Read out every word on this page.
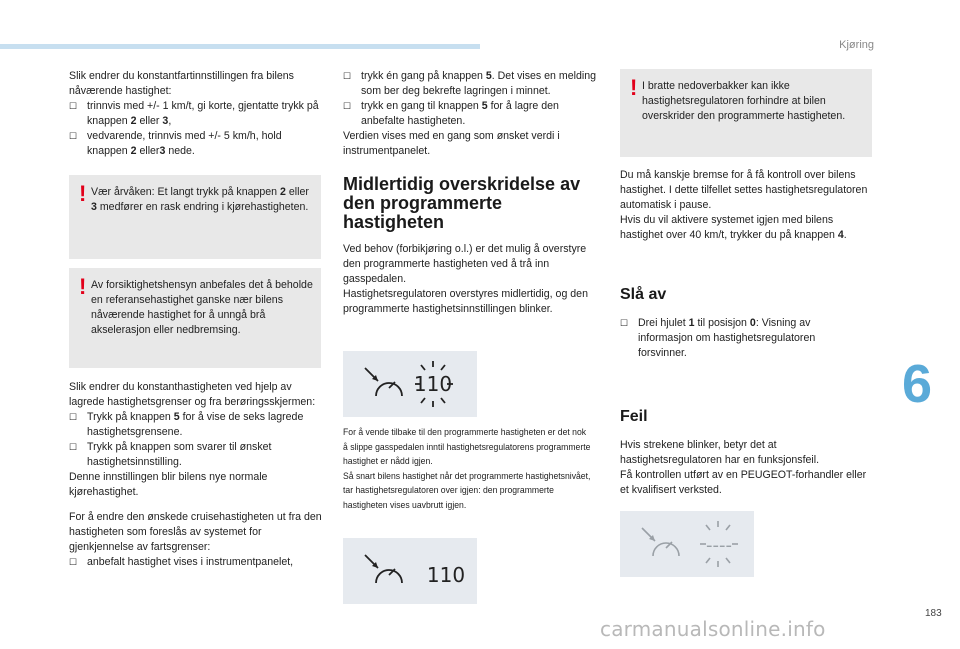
Kjøring
6
183
carmanualsonline.info

Slik endrer du konstantfartinnstillingen fra bilens nåværende hastighet:

☐ trinnvis med +/- 1 km/t, gi korte, gjentatte trykk på knappen 2 eller 3,

☐ vedvarende, trinnvis med +/- 5 km/h, hold knappen 2 eller3 nede.

! Vær årvåken: Et langt trykk på knappen 2 eller 3 medfører en rask endring i kjørehastigheten.
! Av forsiktighetshensyn anbefales det å beholde en referansehastighet ganske nær bilens nåværende hastighet for å unngå brå akselerasjon eller nedbremsing.

Slik endrer du konstanthastigheten ved hjelp av lagrede hastighetsgrenser og fra berøringsskjermen:

☐ Trykk på knappen 5 for å vise de seks lagrede hastighetsgrensene.

☐ Trykk på knappen som svarer til ønsket hastighetsinnstilling.

Denne innstillingen blir bilens nye normale kjørehastighet.

For å endre den ønskede cruisehastigheten ut fra den hastigheten som foreslås av systemet for gjenkjennelse av fartsgrenser:

☐ anbefalt hastighet vises i instrumentpanelet,

☐ trykk én gang på knappen 5. Det vises en melding som ber deg bekrefte lagringen i minnet.

☐ trykk en gang til knappen 5 for å lagre den anbefalte hastigheten.

Verdien vises med en gang som ønsket verdi i instrumentpanelet.

Midlertidig overskridelse av den programmerte hastigheten

Ved behov (forbikjøring o.l.) er det mulig å overstyre den programmerte hastigheten ved å trå inn gasspedalen.

Hastighetsregulatoren overstyres midlertidig, og den programmerte hastighetsinnstillingen blinker.

110

For å vende tilbake til den programmerte hastigheten er det nok å slippe gasspedalen inntil hastighetsregulatorens programmerte hastighet er nådd igjen.

Så snart bilens hastighet når det programmerte hastighetsnivået, tar hastighetsregulatoren over igjen: den programmerte hastigheten vises uavbrutt igjen.

110
! I bratte nedoverbakker kan ikke hastighetsregulatoren forhindre at bilen overskrider den programmerte hastigheten.

Du må kanskje bremse for å få kontroll over bilens hastighet. I dette tilfellet settes hastighetsregulatoren automatisk i pause.

Hvis du vil aktivere systemet igjen med bilens hastighet over 40 km/t, trykker du på knappen 4.

Slå av

☐ Drei hjulet 1 til posisjon 0: Visning av informasjon om hastighetsregulatoren forsvinner.

Feil

Hvis strekene blinker, betyr det at hastighetsregulatoren har en funksjonsfeil.

Få kontrollen utført av en PEUGEOT-forhandler eller et kvalifisert verksted.

----
